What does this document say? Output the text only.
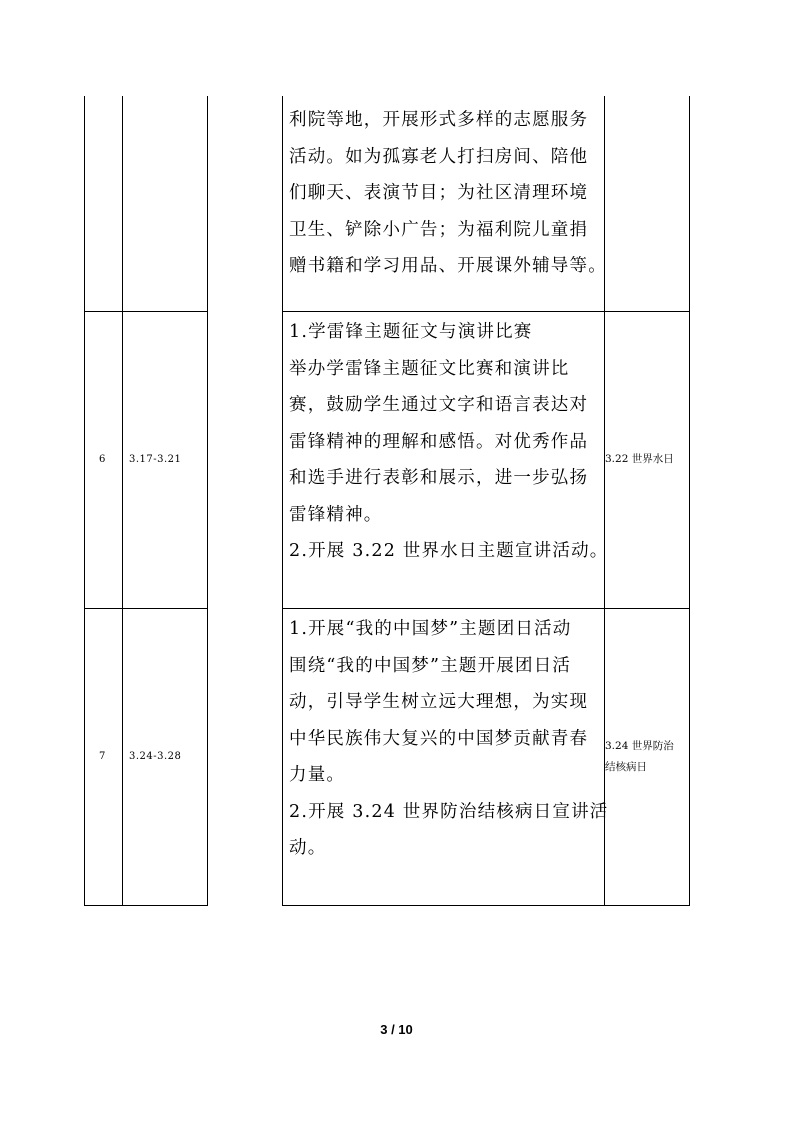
利院等地，开展形式多样的志愿服务
活动。如为孤寡老人打扫房间、陪他
们聊天、表演节目；为社区清理环境
卫生、铲除小广告；为福利院儿童捐
赠书籍和学习用品、开展课外辅导等。
6 3.17-3.21
1.学雷锋主题征文与演讲比赛
举办学雷锋主题征文比赛和演讲比
赛，鼓励学生通过文字和语言表达对
雷锋精神的理解和感悟。对优秀作品
和选手进行表彰和展示，进一步弘扬
雷锋精神。
2.开展 3.22 世界水日主题宣讲活动。
3.22 世界水日
7 3.24-3.28
1.开展“我的中国梦”主题团日活动
围绕“我的中国梦”主题开展团日活
动，引导学生树立远大理想，为实现
中华民族伟大复兴的中国梦贡献青春
力量。
2.开展 3.24 世界防治结核病日宣讲活
动。
3.24 世界防治
结核病日
3 / 10
